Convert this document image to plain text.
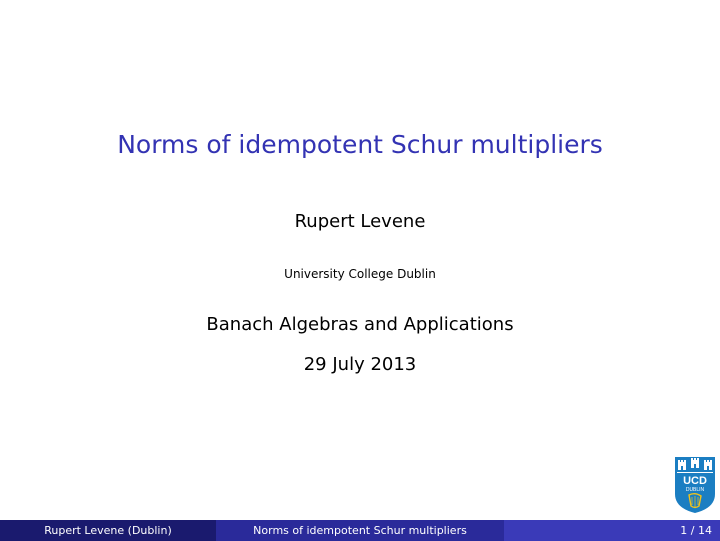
Norms of idempotent Schur multipliers
Rupert Levene
University College Dublin
Banach Algebras and Applications
29 July 2013
UCD
DUBLIN
Rupert Levene (Dublin)	Norms of idempotent Schur multipliers	1 / 14
